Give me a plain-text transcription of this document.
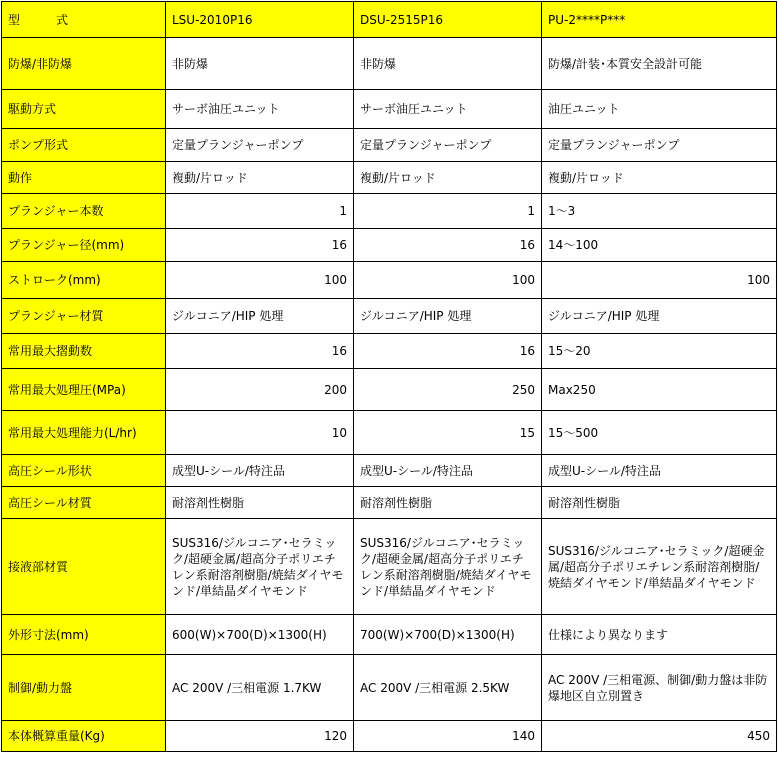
型　　　式	LSU-2010P16	DSU-2515P16	PU-2****P***
防爆/非防爆	非防爆	非防爆	防爆/計装･本質安全設計可能
駆動方式	サーボ油圧ユニット	サーボ油圧ユニット	油圧ユニット
ポンプ形式	定量プランジャーポンプ	定量プランジャーポンプ	定量プランジャーポンプ
動作	複動/片ロッド	複動/片ロッド	複動/片ロッド
プランジャー本数	1	1	1～3
プランジャー径(mm)	16	16	14～100
ストローク(mm)	100	100	100
プランジャー材質	ジルコニア/HIP 処理	ジルコニア/HIP 処理	ジルコニア/HIP 処理
常用最大摺動数	16	16	15～20
常用最大処理圧(MPa)	200	250	Max250
常用最大処理能力(L/hr)	10	15	15～500
高圧シール形状	成型U-シール/特注品	成型U-シール/特注品	成型U-シール/特注品
高圧シール材質	耐溶剤性樹脂	耐溶剤性樹脂	耐溶剤性樹脂
接液部材質	SUS316/ジルコニア･セラミック/超硬金属/超高分子ポリエチレン系耐溶剤樹脂/焼結ダイヤモンド/単結晶ダイヤモンド	SUS316/ジルコニア･セラミック/超硬金属/超高分子ポリエチレン系耐溶剤樹脂/焼結ダイヤモンド/単結晶ダイヤモンド	SUS316/ジルコニア･セラミック/超硬金属/超高分子ポリエチレン系耐溶剤樹脂/焼結ダイヤモンド/単結晶ダイヤモンド
外形寸法(mm)	600(W)×700(D)×1300(H)	700(W)×700(D)×1300(H)	仕様により異なります
制御/動力盤	AC 200V /三相電源 1.7KW	AC 200V /三相電源 2.5KW	AC 200V /三相電源、制御/動力盤は非防爆地区自立別置き
本体概算重量(Kg)	120	140	450
